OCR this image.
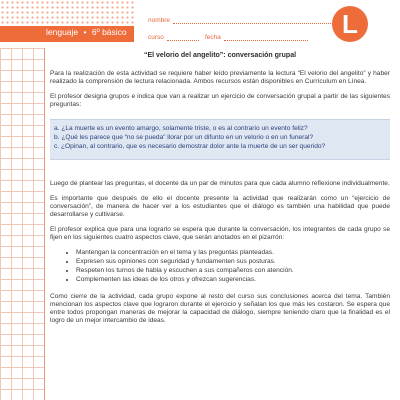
lenguaje • 6º básico
nombre
curso	fecha	L
“El velorio del angelito”: conversación grupal

Para la realización de esta actividad se requiere haber leído previamente la lectura “El velorio del angelito” y haber realizado la comprensión de lectura relacionada. Ambos recursos están disponibles en Currículum en Línea.

El profesor designa grupos e indica que van a realizar un ejercicio de conversación grupal a partir de las siguientes preguntas:

a. ¿La muerte es un evento amargo, solamente triste, o es al contrario un evento feliz?
b. ¿Qué les parece que “no se pueda” llorar por un difunto en un velorio o en un funeral?
c. ¿Opinan, al contrario, que es necesario demostrar dolor ante la muerte de un ser querido?

Luego de plantear las preguntas, el docente da un par de minutos para que cada alumno reflexione individualmente.

Es importante que después de ello el docente presente la actividad que realizarán como un “ejercicio de conversación”, de manera de hacer ver a los estudiantes que el diálogo es también una habilidad que puede desarrollarse y cultivarse.

El profesor explica que para una lograrlo se espera que durante la conversación, los integrantes de cada grupo se fijen en los siguientes cuatro aspectos clave, que serán anotados en el pizarrón:

• Mantengan la concentración en el tema y las preguntas planteadas.
• Expresen sus opiniones con seguridad y fundamenten sus posturas.
• Respeten los turnos de habla y escuchen a sus compañeros con atención.
• Complementen las ideas de los otros y ofrezcan sugerencias.

Como cierre de la actividad, cada grupo expone al resto del curso sus conclusiones acerca del tema. También mencionan los aspectos clave que lograron durante el ejercicio y señalan los que más les costaron. Se espera que entre todos propongan maneras de mejorar la capacidad de diálogo, siempre teniendo claro que la finalidad es el logro de un mejor intercambio de ideas.
